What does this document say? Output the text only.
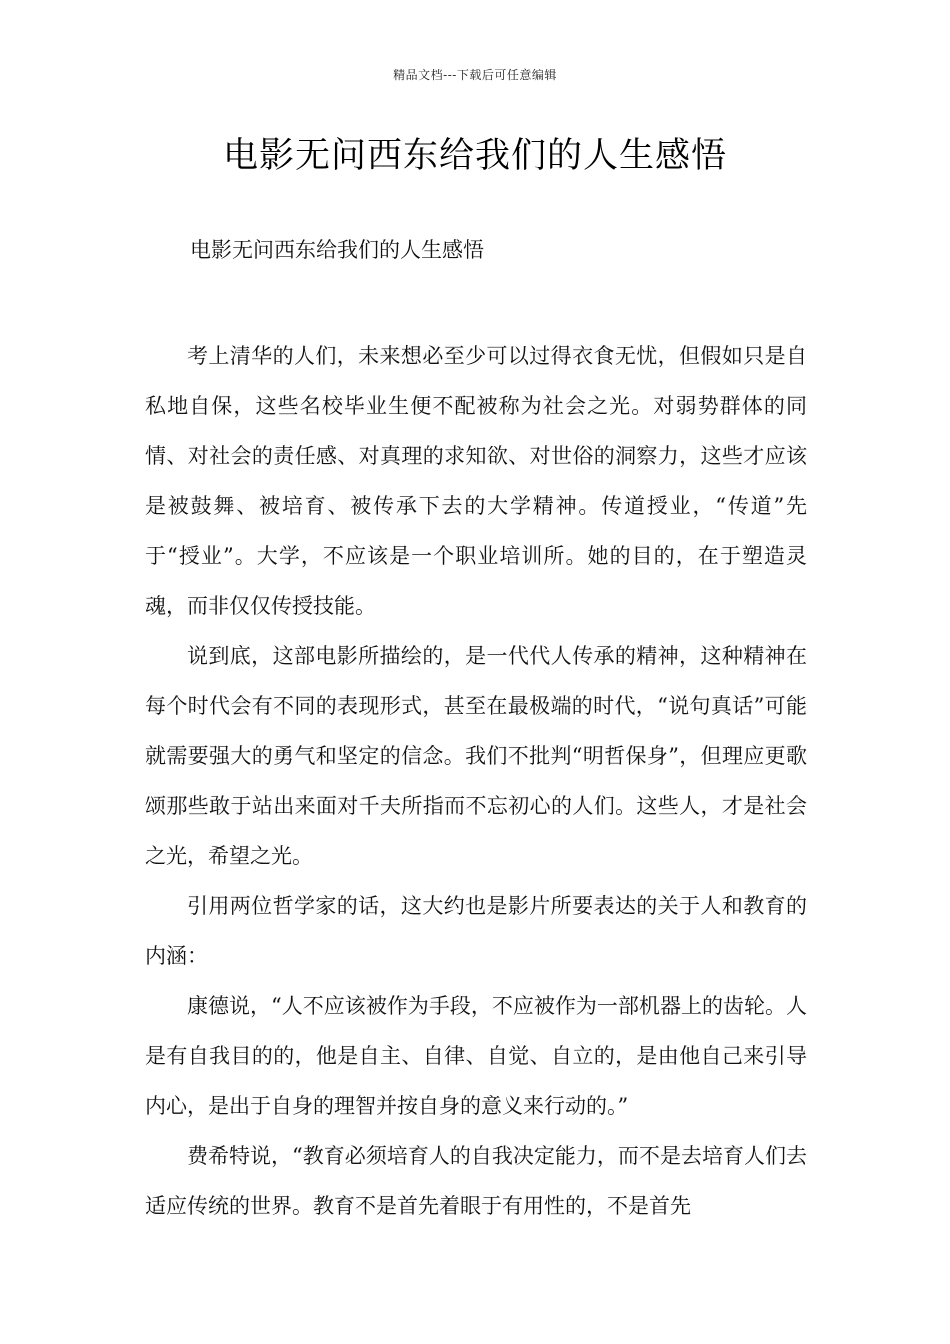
精品文档---下载后可任意编辑
电影无问西东给我们的人生感悟
电影无问西东给我们的人生感悟

考上清华的人们，未来想必至少可以过得衣食无忧，但假如只是自私地自保，这些名校毕业生便不配被称为社会之光。对弱势群体的同情、对社会的责任感、对真理的求知欲、对世俗的洞察力，这些才应该是被鼓舞、被培育、被传承下去的大学精神。传道授业，“传道”先于“授业”。大学，不应该是一个职业培训所。她的目的，在于塑造灵魂，而非仅仅传授技能。

说到底，这部电影所描绘的，是一代代人传承的精神，这种精神在每个时代会有不同的表现形式，甚至在最极端的时代，“说句真话”可能就需要强大的勇气和坚定的信念。我们不批判“明哲保身”，但理应更歌颂那些敢于站出来面对千夫所指而不忘初心的人们。这些人，才是社会之光，希望之光。

引用两位哲学家的话，这大约也是影片所要表达的关于人和教育的内涵：

康德说，“人不应该被作为手段，不应被作为一部机器上的齿轮。人是有自我目的的，他是自主、自律、自觉、自立的，是由他自己来引导内心，是出于自身的理智并按自身的意义来行动的。”

费希特说，“教育必须培育人的自我决定能力，而不是去培育人们去适应传统的世界。教育不是首先着眼于有用性的，不是首先
